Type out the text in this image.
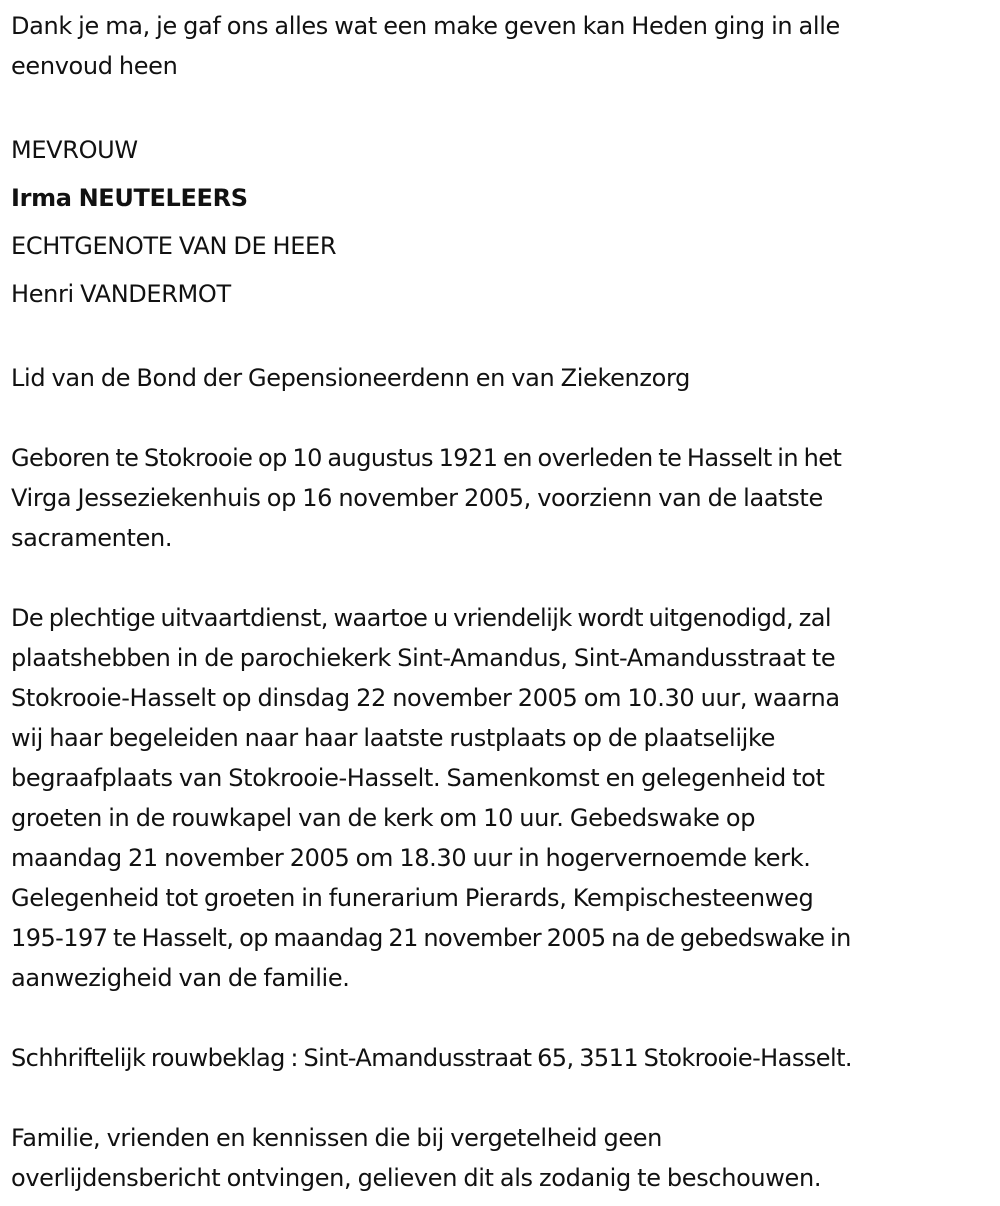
Dank je ma, je gaf ons alles wat een make geven kan Heden ging in alle
eenvoud heen
MEVROUW
Irma NEUTELEERS
ECHTGENOTE VAN DE HEER
Henri VANDERMOT
Lid van de Bond der Gepensioneerdenn en van Ziekenzorg
Geboren te Stokrooie op 10 augustus 1921 en overleden te Hasselt in het
Virga Jesseziekenhuis op 16 november 2005, voorzienn van de laatste
sacramenten.
De plechtige uitvaartdienst, waartoe u vriendelijk wordt uitgenodigd, zal
plaatshebben in de parochiekerk Sint-Amandus, Sint-Amandusstraat te
Stokrooie-Hasselt op dinsdag 22 november 2005 om 10.30 uur, waarna
wij haar begeleiden naar haar laatste rustplaats op de plaatselijke
begraafplaats van Stokrooie-Hasselt. Samenkomst en gelegenheid tot
groeten in de rouwkapel van de kerk om 10 uur. Gebedswake op
maandag 21 november 2005 om 18.30 uur in hogervernoemde kerk.
Gelegenheid tot groeten in funerarium Pierards, Kempischesteenweg
195-197 te Hasselt, op maandag 21 november 2005 na de gebedswake in
aanwezigheid van de familie.
Schhriftelijk rouwbeklag : Sint-Amandusstraat 65, 3511 Stokrooie-Hasselt.
Familie, vrienden en kennissen die bij vergetelheid geen
overlijdensbericht ontvingen, gelieven dit als zodanig te beschouwen.
